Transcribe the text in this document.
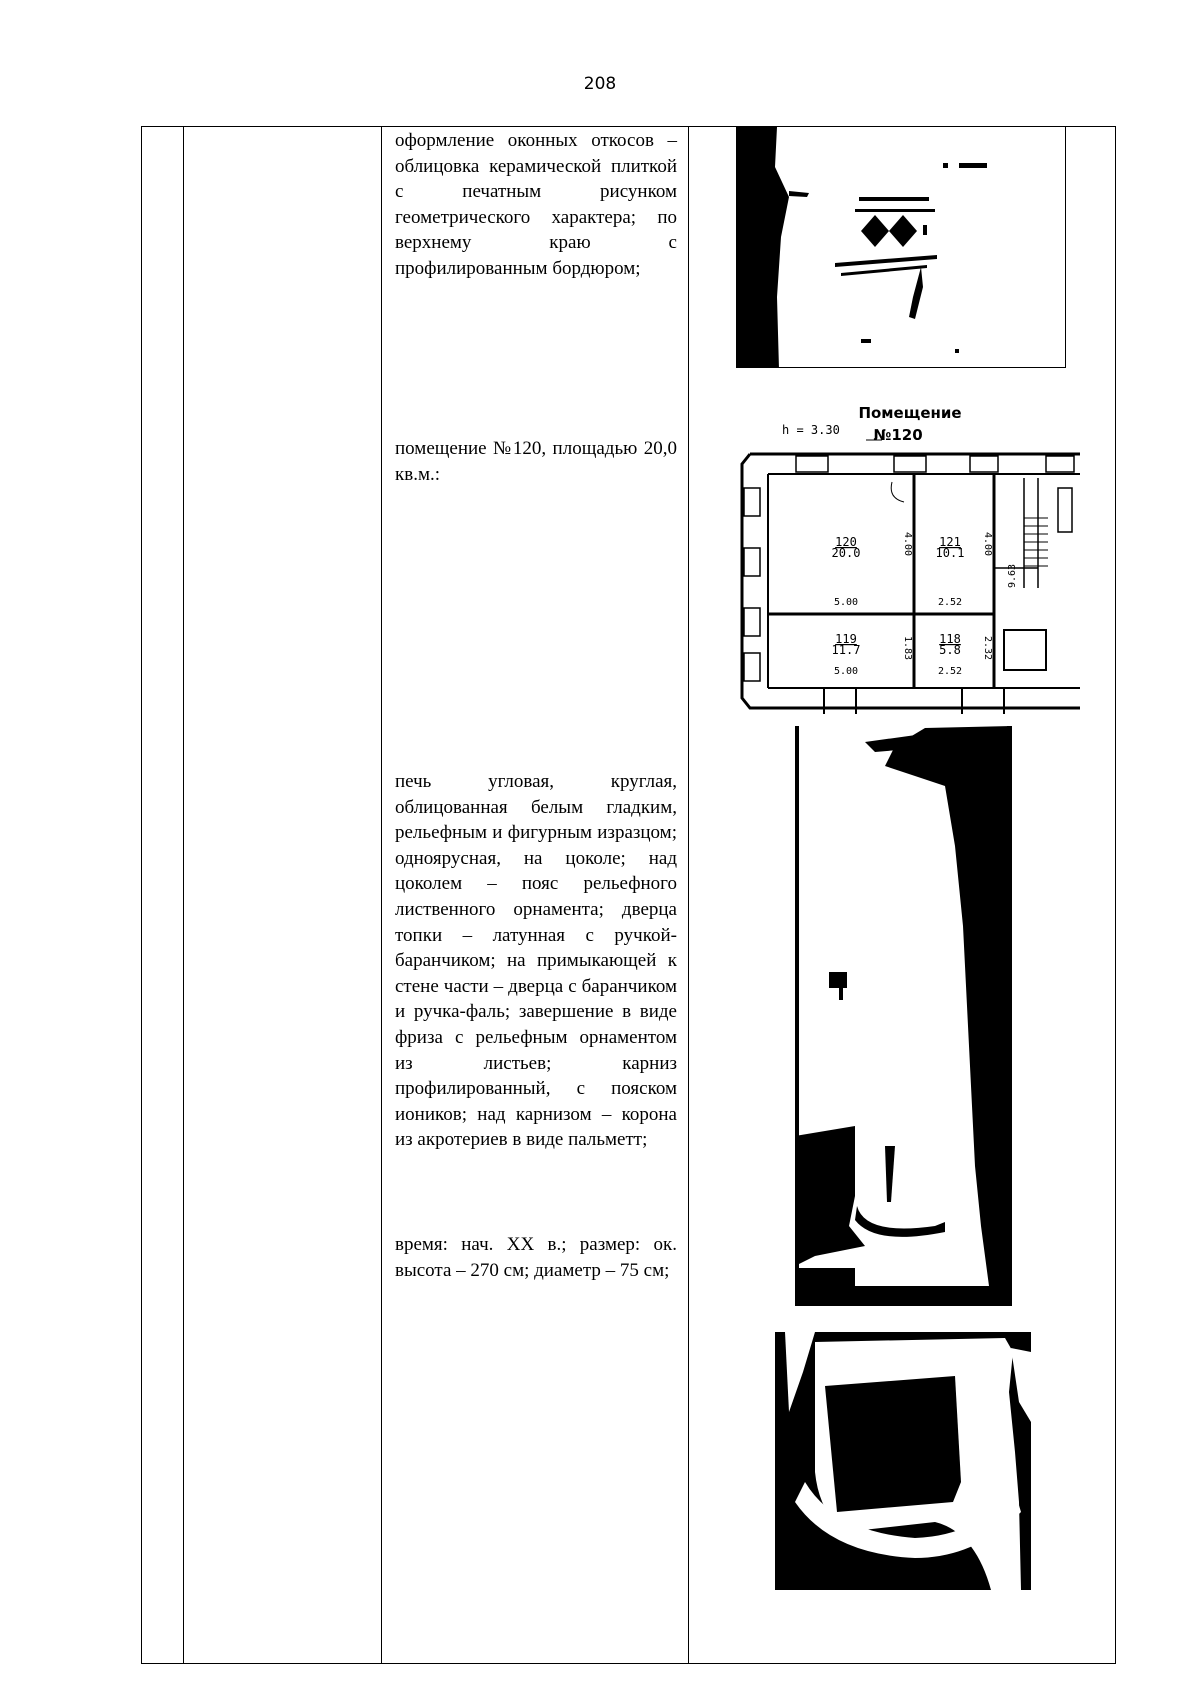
208
оформление оконных откосов – облицовка керамической плиткой с печатным рисунком геометрического характера; по верхнему краю с профилированным бордюром;
помещение №120, площадью 20,0 кв.м.:
печь угловая, круглая, облицованная белым гладким, рельефным и фигурным изразцом; одноярусная, на цоколе; над цоколем – пояс рельефного лиственного орнамента; дверца топки – латунная с ручкой- баранчиком; на примыкающей к стене части – дверца с баранчиком и ручка-фаль; завершение в виде фриза с рельефным орнаментом из листьев; карниз профилированный, с пояском иоников; над карнизом – корона из акротериев в виде пальметт;
время: нач. XX в.; размер: ок. высота – 270 см; диаметр – 75 см;
Помещение
№120
h = 3.30
120
20.0
121
10.1
119
11.7
118
5.8
5.00
5.00
2.52
2.52
4.00	4.00
1.83	2.32
9.63
